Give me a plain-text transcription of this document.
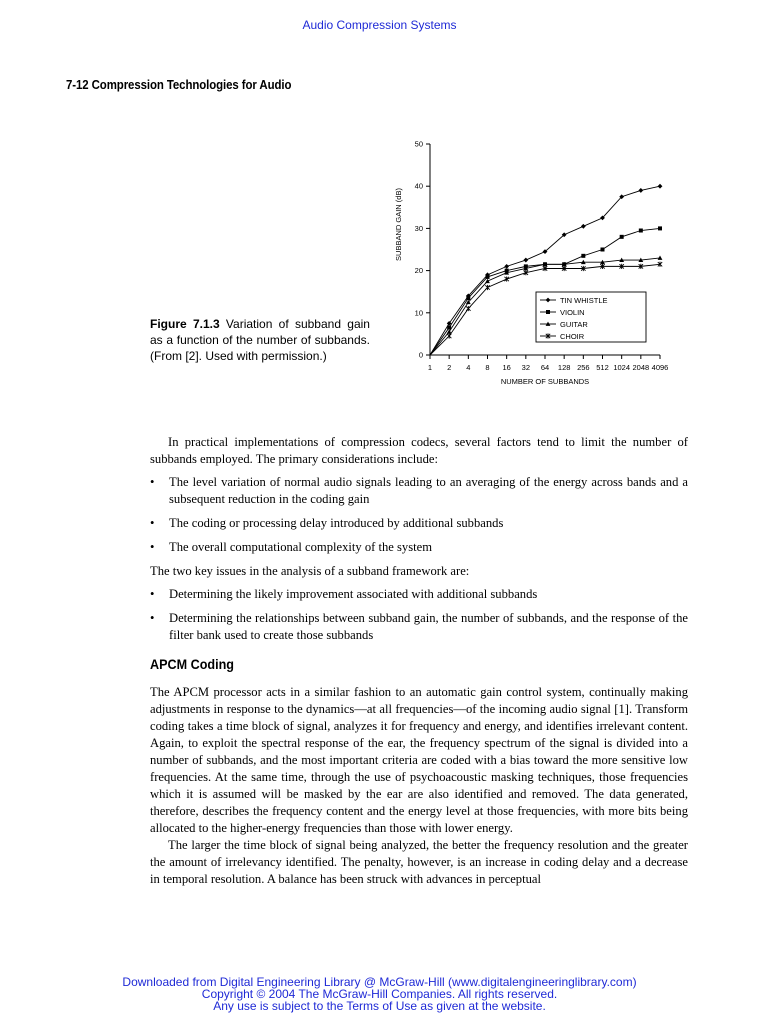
Audio Compression Systems
7-12 Compression Technologies for Audio
Figure 7.1.3 Variation of subband gain as a function of the number of subbands. (From [2]. Used with permission.)	0
10
20
30
40
50
1 2 4 8 16 32 64 128 256 512 1024 2048 4096
NUMBER OF SUBBANDS
SUBBAND GAIN (dB)
TIN WHISTLE
VIOLIN
GUITAR
CHOIR

In practical implementations of compression codecs, several factors tend to limit the number of subbands employed. The primary considerations include:

• The level variation of normal audio signals leading to an averaging of the energy across bands and a subsequent reduction in the coding gain
• The coding or processing delay introduced by additional subbands
• The overall computational complexity of the system

The two key issues in the analysis of a subband framework are:

• Determining the likely improvement associated with additional subbands
• Determining the relationships between subband gain, the number of subbands, and the response of the filter bank used to create those subbands
APCM Coding

The APCM processor acts in a similar fashion to an automatic gain control system, continually making adjustments in response to the dynamics—at all frequencies—of the incoming audio signal [1]. Transform coding takes a time block of signal, analyzes it for frequency and energy, and identifies irrelevant content. Again, to exploit the spectral response of the ear, the frequency spectrum of the signal is divided into a number of subbands, and the most important criteria are coded with a bias toward the more sensitive low frequencies. At the same time, through the use of psychoacoustic masking techniques, those frequencies which it is assumed will be masked by the ear are also identified and removed. The data generated, therefore, describes the frequency content and the energy level at those frequencies, with more bits being allocated to the higher-energy frequencies than those with lower energy.

The larger the time block of signal being analyzed, the better the frequency resolution and the greater the amount of irrelevancy identified. The penalty, however, is an increase in coding delay and a decrease in temporal resolution. A balance has been struck with advances in perceptual

Downloaded from Digital Engineering Library @ McGraw-Hill (www.digitalengineeringlibrary.com)
Copyright © 2004 The McGraw-Hill Companies. All rights reserved.
Any use is subject to the Terms of Use as given at the website.
